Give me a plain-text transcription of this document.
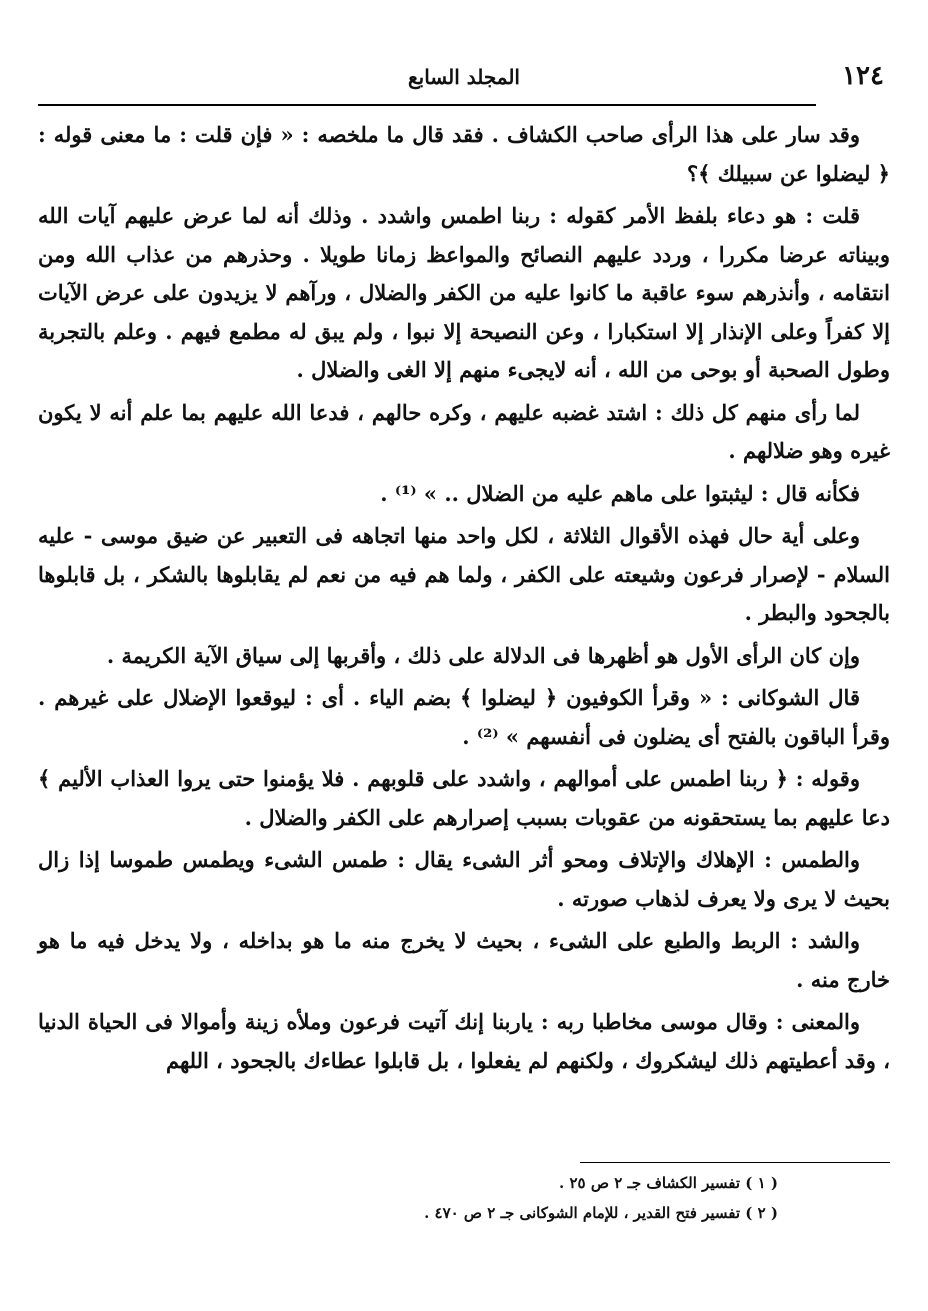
١٢٤
المجلد السابع

وقد سار على هذا الرأى صاحب الكشاف . فقد قال ما ملخصه : « فإن قلت : ما معنى قوله : ﴿ ليضلوا عن سبيلك ﴾؟

قلت : هو دعاء بلفظ الأمر كقوله : ربنا اطمس واشدد . وذلك أنه لما عرض عليهم آيات الله وبيناته عرضا مكررا ، وردد عليهم النصائح والمواعظ زمانا طويلا . وحذرهم من عذاب الله ومن انتقامه ، وأنذرهم سوء عاقبة ما كانوا عليه من الكفر والضلال ، ورآهم لا يزيدون على عرض الآيات إلا كفراً وعلى الإنذار إلا استكبارا ، وعن النصيحة إلا نبوا ، ولم يبق له مطمع فيهم . وعلم بالتجربة وطول الصحبة أو بوحى من الله ، أنه لايجىء منهم إلا الغى والضلال .

لما رأى منهم كل ذلك : اشتد غضبه عليهم ، وكره حالهم ، فدعا الله عليهم بما علم أنه لا يكون غيره وهو ضلالهم .

فكأنه قال : ليثبتوا على ماهم عليه من الضلال .. » ⁽¹⁾ .

وعلى أية حال فهذه الأقوال الثلاثة ، لكل واحد منها اتجاهه فى التعبير عن ضيق موسى - عليه السلام - لإصرار فرعون وشيعته على الكفر ، ولما هم فيه من نعم لم يقابلوها بالشكر ، بل قابلوها بالجحود والبطر .

وإن كان الرأى الأول هو أظهرها فى الدلالة على ذلك ، وأقربها إلى سياق الآية الكريمة .

قال الشوكانى : « وقرأ الكوفيون ﴿ ليضلوا ﴾ بضم الياء . أى : ليوقعوا الإضلال على غيرهم . وقرأ الباقون بالفتح أى يضلون فى أنفسهم » ⁽²⁾ .

وقوله : ﴿ ربنا اطمس على أموالهم ، واشدد على قلوبهم . فلا يؤمنوا حتى يروا العذاب الأليم ﴾ دعا عليهم بما يستحقونه من عقوبات بسبب إصرارهم على الكفر والضلال .

والطمس : الإهلاك والإتلاف ومحو أثر الشىء يقال : طمس الشىء ويطمس طموسا إذا زال بحيث لا يرى ولا يعرف لذهاب صورته .

والشد : الربط والطبع على الشىء ، بحيث لا يخرج منه ما هو بداخله ، ولا يدخل فيه ما هو خارج منه .

والمعنى : وقال موسى مخاطبا ربه : ياربنا إنك آتيت فرعون وملأه زينة وأموالا فى الحياة الدنيا ، وقد أعطيتهم ذلك ليشكروك ، ولكنهم لم يفعلوا ، بل قابلوا عطاءك بالجحود ، اللهم

( ١ ) تفسير الكشاف جـ ٢ ص ٢٥ .

( ٢ ) تفسير فتح القدير ، للإمام الشوكانى جـ ٢ ص ٤٧٠ .
